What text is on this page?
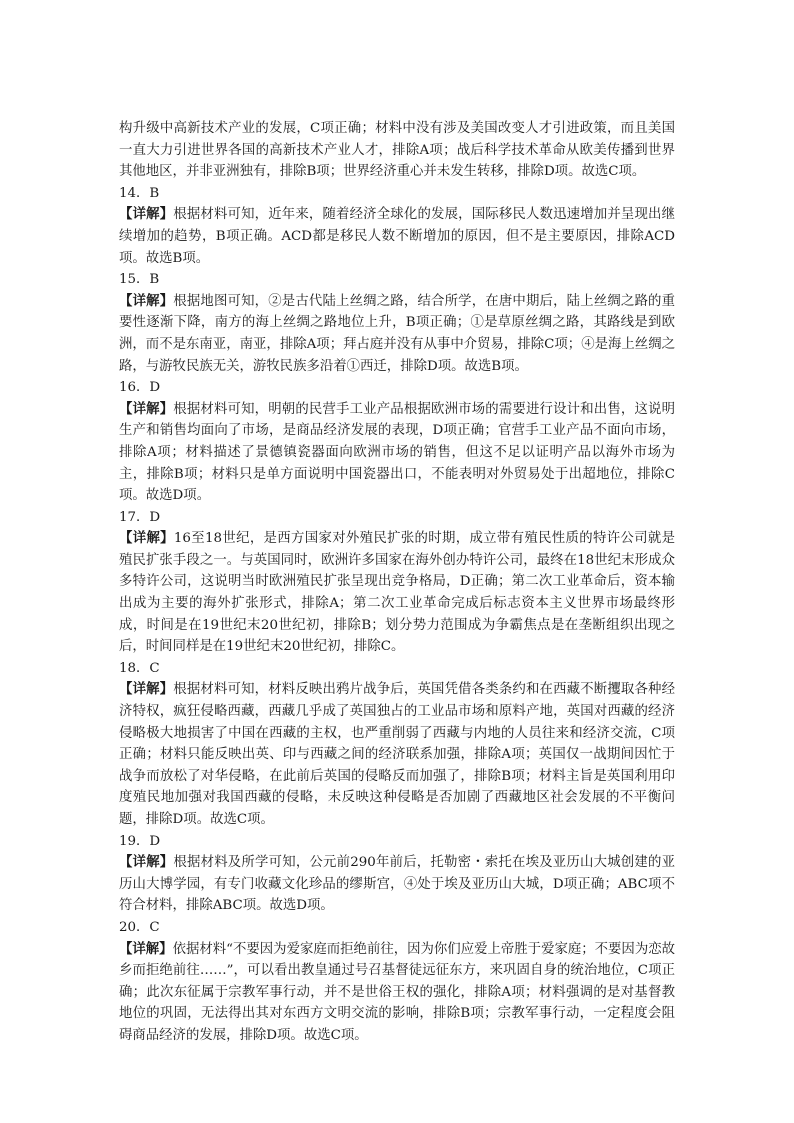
构升级中高新技术产业的发展，C项正确；材料中没有涉及美国改变人才引进政策，而且美国一直大力引进世界各国的高新技术产业人才，排除A项；战后科学技术革命从欧美传播到世界其他地区，并非亚洲独有，排除B项；世界经济重心并未发生转移，排除D项。故选C项。

14．B

【详解】根据材料可知，近年来，随着经济全球化的发展，国际移民人数迅速增加并呈现出继续增加的趋势，B项正确。ACD都是移民人数不断增加的原因，但不是主要原因，排除ACD项。故选B项。

15．B

【详解】根据地图可知，②是古代陆上丝绸之路，结合所学，在唐中期后，陆上丝绸之路的重要性逐渐下降，南方的海上丝绸之路地位上升，B项正确；①是草原丝绸之路，其路线是到欧洲，而不是东南亚，南亚，排除A项；拜占庭并没有从事中介贸易，排除C项；④是海上丝绸之路，与游牧民族无关，游牧民族多沿着①西迁，排除D项。故选B项。

16．D

【详解】根据材料可知，明朝的民营手工业产品根据欧洲市场的需要进行设计和出售，这说明生产和销售均面向了市场，是商品经济发展的表现，D项正确；官营手工业产品不面向市场，排除A项；材料描述了景德镇瓷器面向欧洲市场的销售，但这不足以证明产品以海外市场为主，排除B项；材料只是单方面说明中国瓷器出口，不能表明对外贸易处于出超地位，排除C项。故选D项。

17．D

【详解】16至18世纪，是西方国家对外殖民扩张的时期，成立带有殖民性质的特许公司就是殖民扩张手段之一。与英国同时，欧洲许多国家在海外创办特许公司，最终在18世纪末形成众多特许公司，这说明当时欧洲殖民扩张呈现出竞争格局，D正确；第二次工业革命后，资本输出成为主要的海外扩张形式，排除A；第二次工业革命完成后标志资本主义世界市场最终形成，时间是在19世纪末20世纪初，排除B；划分势力范围成为争霸焦点是在垄断组织出现之后，时间同样是在19世纪末20世纪初，排除C。

18．C

【详解】根据材料可知，材料反映出鸦片战争后，英国凭借各类条约和在西藏不断攫取各种经济特权，疯狂侵略西藏，西藏几乎成了英国独占的工业品市场和原料产地，英国对西藏的经济侵略极大地损害了中国在西藏的主权，也严重削弱了西藏与内地的人员往来和经济交流，C项正确；材料只能反映出英、印与西藏之间的经济联系加强，排除A项；英国仅一战期间因忙于战争而放松了对华侵略，在此前后英国的侵略反而加强了，排除B项；材料主旨是英国利用印度殖民地加强对我国西藏的侵略，未反映这种侵略是否加剧了西藏地区社会发展的不平衡问题，排除D项。故选C项。

19．D

【详解】根据材料及所学可知，公元前290年前后，托勒密・索托在埃及亚历山大城创建的亚历山大博学园，有专门收藏文化珍品的缪斯宫，④处于埃及亚历山大城，D项正确；ABC项不符合材料，排除ABC项。故选D项。

20．C

【详解】依据材料“不要因为爱家庭而拒绝前往，因为你们应爱上帝胜于爱家庭；不要因为恋故乡而拒绝前往……”，可以看出教皇通过号召基督徒远征东方，来巩固自身的统治地位，C项正确；此次东征属于宗教军事行动，并不是世俗王权的强化，排除A项；材料强调的是对基督教地位的巩固，无法得出其对东西方文明交流的影响，排除B项；宗教军事行动，一定程度会阻碍商品经济的发展，排除D项。故选C项。
